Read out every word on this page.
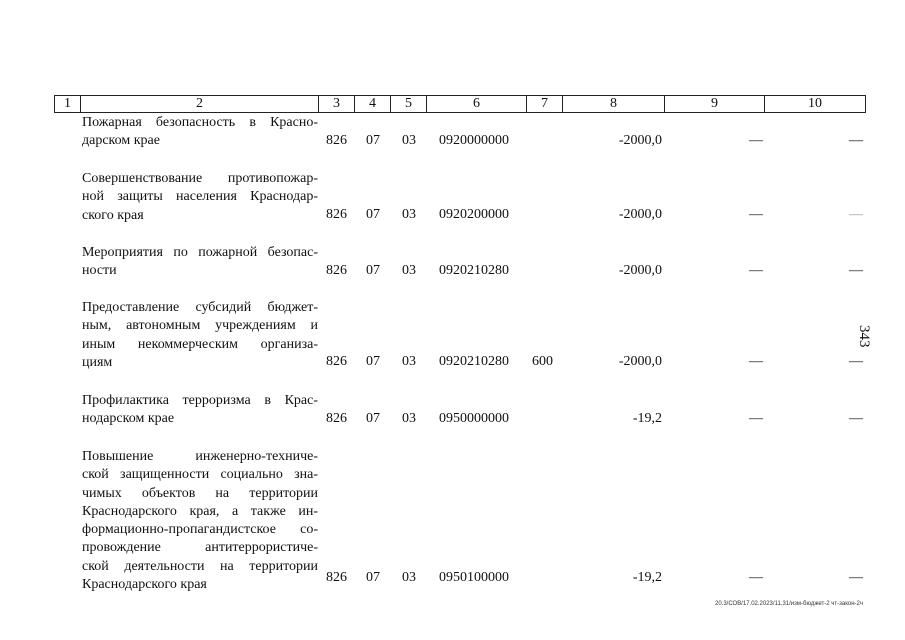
1	2	3	4	5	6	7	8	9	10
Пожарная безопасность в Красно-
дарском крае	826 07 03 0920000000	-2000,0	—	—
Совершенствование противопожар-
ной защиты населения Краснодар-
ского края	826 07 03 0920200000	-2000,0	—	—
Мероприятия по пожарной безопас-
ности	826 07 03 0920210280	-2000,0	—	—
Предоставление субсидий бюджет-
ным, автономным учреждениям и
иным некоммерческим организа-
циям	826 07 03 0920210280 600	-2000,0	—	—
Профилактика терроризма в Крас-
нодарском крае	826 07 03 0950000000	-19,2	—	—
Повышение инженерно-техниче-
ской защищенности социально зна-
чимых объектов на территории
Краснодарского края, а также ин-
формационно-пропагандистское со-
провождение антитеррористиче-
ской деятельности на территории
Краснодарского края	826 07 03 0950100000	-19,2	—	—
343
20.3/СОВ/17.02.2023/11.31/изм-бюджет-2 чт-закон-2ч
